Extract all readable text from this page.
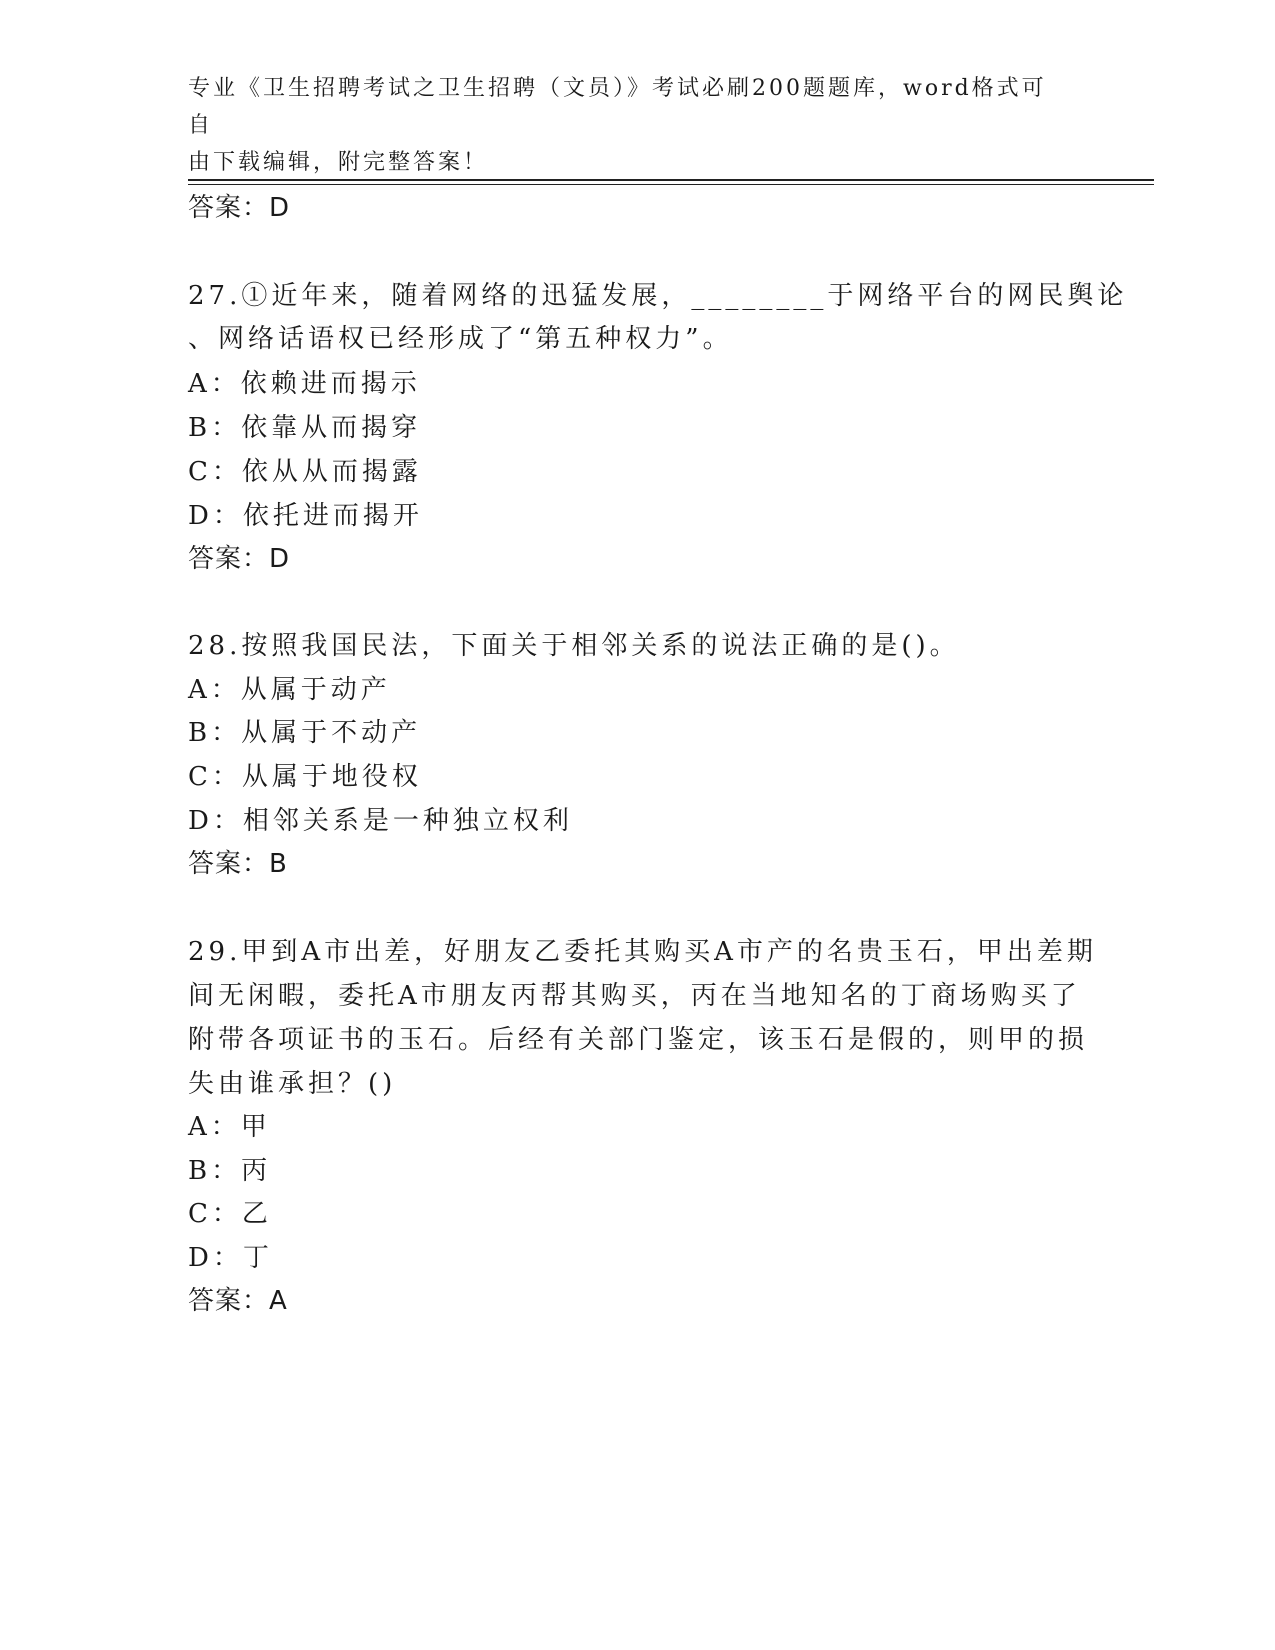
专业《卫生招聘考试之卫生招聘（文员）》考试必刷200题题库，word格式可自
由下载编辑，附完整答案！
答案：D
27.①近年来，随着网络的迅猛发展，________于网络平台的网民舆论
、网络话语权已经形成了“第五种权力”。
A：依赖进而揭示
B：依靠从而揭穿
C：依从从而揭露
D：依托进而揭开
答案：D
28.按照我国民法，下面关于相邻关系的说法正确的是()。
A：从属于动产
B：从属于不动产
C：从属于地役权
D：相邻关系是一种独立权利
答案：B
29.甲到A市出差，好朋友乙委托其购买A市产的名贵玉石，甲出差期
间无闲暇，委托A市朋友丙帮其购买，丙在当地知名的丁商场购买了
附带各项证书的玉石。后经有关部门鉴定，该玉石是假的，则甲的损
失由谁承担？()
A：甲
B：丙
C：乙
D：丁
答案：A
